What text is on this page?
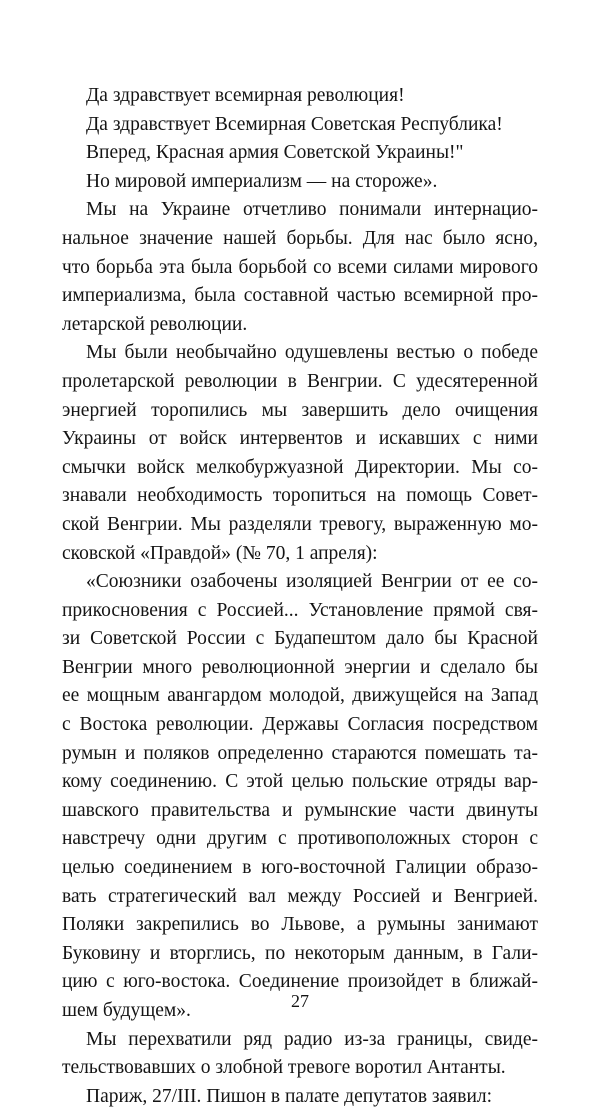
Да здравствует всемирная революция!
Да здравствует Всемирная Советская Республика!
Вперед, Красная армия Советской Украины!"
Но мировой империализм — на стороже».
Мы на Украине отчетливо понимали интернацио-
нальное значение нашей борьбы. Для нас было ясно,
что борьба эта была борьбой со всеми силами мирового
империализма, была составной частью всемирной про-
летарской революции.
Мы были необычайно одушевлены вестью о победе
пролетарской революции в Венгрии. С удесятеренной
энергией торопились мы завершить дело очищения
Украины от войск интервентов и искавших с ними
смычки войск мелкобуржуазной Директории. Мы со-
знавали необходимость торопиться на помощь Совет-
ской Венгрии. Мы разделяли тревогу, выраженную мо-
сковской «Правдой» (№ 70, 1 апреля):
«Союзники озабочены изоляцией Венгрии от ее со-
прикосновения с Россией... Установление прямой свя-
зи Советской России с Будапештом дало бы Красной
Венгрии много революционной энергии и сделало бы
ее мощным авангардом молодой, движущейся на Запад
с Востока революции. Державы Согласия посредством
румын и поляков определенно стараются помешать та-
кому соединению. С этой целью польские отряды вар-
шавского правительства и румынские части двинуты
навстречу одни другим с противоположных сторон с
целью соединением в юго-восточной Галиции образо-
вать стратегический вал между Россией и Венгрией.
Поляки закрепились во Львове, а румыны занимают
Буковину и вторглись, по некоторым данным, в Гали-
цию с юго-востока. Соединение произойдет в ближай-
шем будущем».
Мы перехватили ряд радио из-за границы, свиде-
тельствовавших о злобной тревоге воротил Антанты.
Париж, 27/III. Пишон в палате депутатов заявил:
27
